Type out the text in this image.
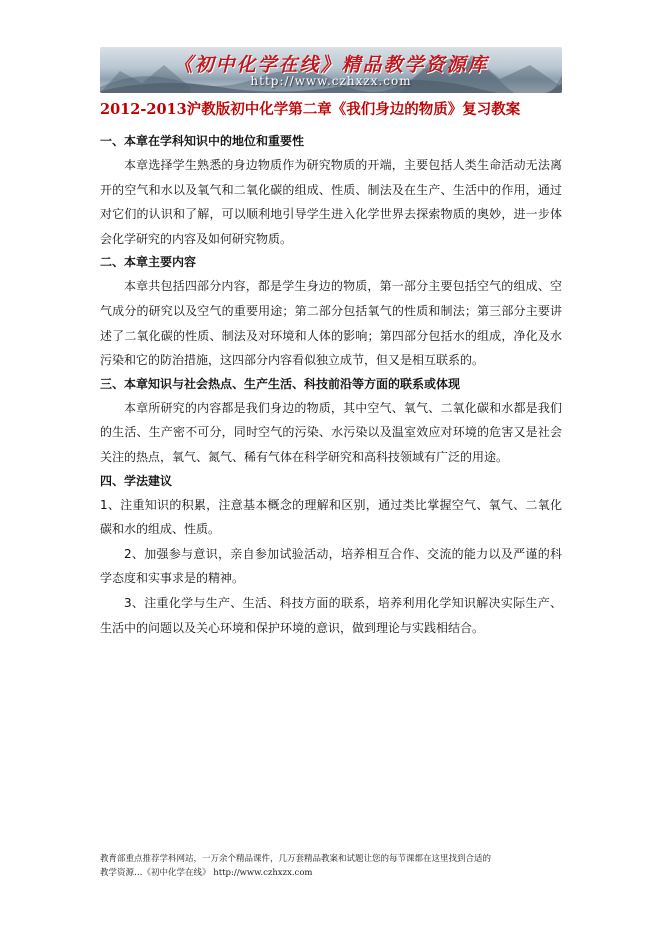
《初中化学在线》精品教学资源库
http://www.czhxzx.com
2012-2013沪教版初中化学第二章《我们身边的物质》复习教案
一、本章在学科知识中的地位和重要性

本章选择学生熟悉的身边物质作为研究物质的开端，主要包括人类生命活动无法离开的空气和水以及氧气和二氧化碳的组成、性质、制法及在生产、生活中的作用，通过对它们的认识和了解，可以顺利地引导学生进入化学世界去探索物质的奥妙，进一步体会化学研究的内容及如何研究物质。

二、本章主要内容

本章共包括四部分内容，都是学生身边的物质，第一部分主要包括空气的组成、空气成分的研究以及空气的重要用途；第二部分包括氧气的性质和制法；第三部分主要讲述了二氧化碳的性质、制法及对环境和人体的影响；第四部分包括水的组成，净化及水污染和它的防治措施，这四部分内容看似独立成节，但又是相互联系的。

三、本章知识与社会热点、生产生活、科技前沿等方面的联系或体现

本章所研究的内容都是我们身边的物质，其中空气、氧气、二氧化碳和水都是我们的生活、生产密不可分，同时空气的污染、水污染以及温室效应对环境的危害又是社会关注的热点，氧气、氮气、稀有气体在科学研究和高科技领域有广泛的用途。

四、学法建议

1、注重知识的积累，注意基本概念的理解和区别，通过类比掌握空气、氧气、二氧化碳和水的组成、性质。

2、加强参与意识，亲自参加试验活动，培养相互合作、交流的能力以及严谨的科学态度和实事求是的精神。

3、注重化学与生产、生活、科技方面的联系，培养利用化学知识解决实际生产、生活中的问题以及关心环境和保护环境的意识，做到理论与实践相结合。

教育部重点推荐学科网站，一万余个精品课件，几万套精品教案和试题让您的每节课都在这里找到合适的
教学资源…《初中化学在线》 http://www.czhxzx.com
